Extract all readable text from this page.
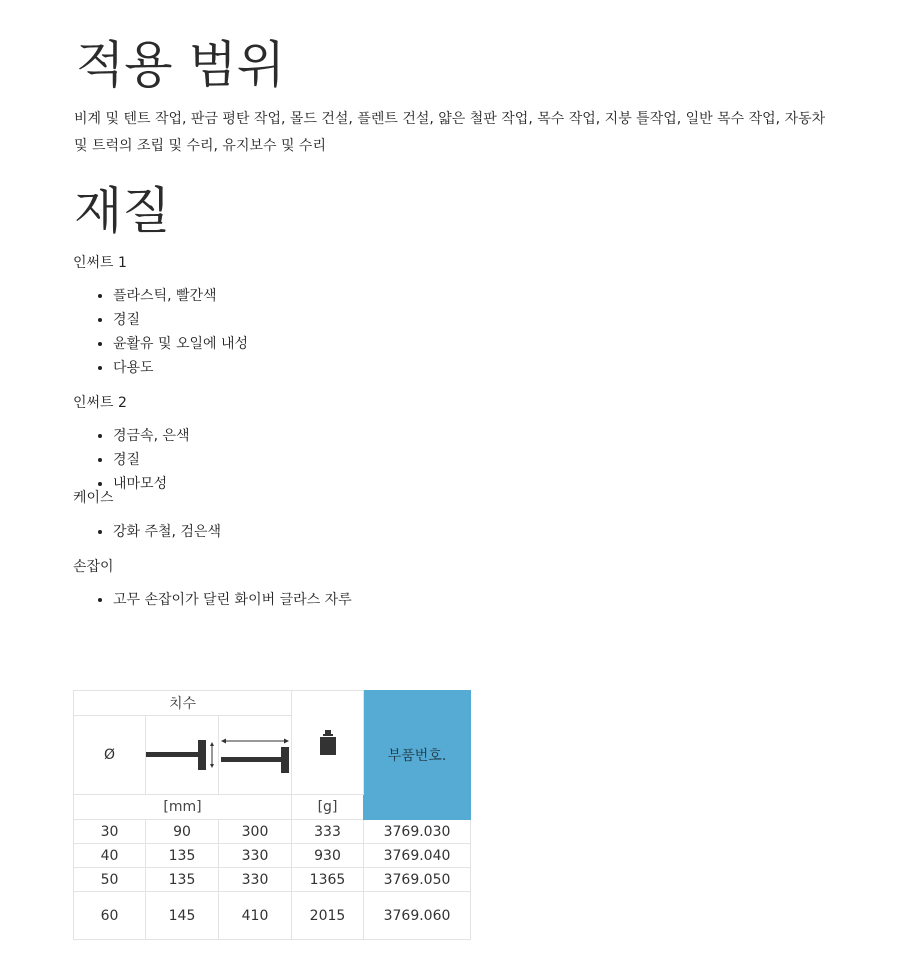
적용 범위

비계 및 텐트 작업, 판금 평탄 작업, 몰드 건설, 플렌트 건설, 얇은 철판 작업, 목수 작업, 지붕 틀작업, 일반 목수 작업, 자동차 및 트럭의 조립 및 수리, 유지보수 및 수리

재질

인써트 1

• 플라스틱, 빨간색
• 경질
• 윤활유 및 오일에 내성
• 다용도

인써트 2

• 경금속, 은색
• 경질
• 내마모성

케이스

• 강화 주철, 검은색

손잡이

• 고무 손잡이가 달린 화이버 글라스 자루
치수				부품번호.
Ø	

[mm]			[g]	
30	90	300	333	3769.030
40	135	330	930	3769.040
50	135	330	1365	3769.050
60	145	410	2015	3769.060
